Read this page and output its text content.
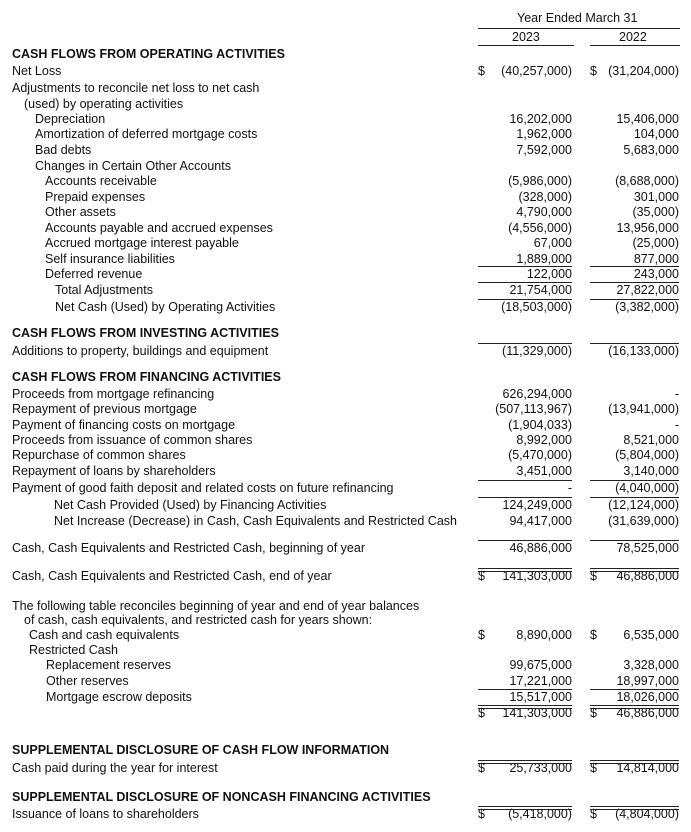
Year Ended March 31
2023	2022
CASH FLOWS FROM OPERATING ACTIVITIES
Net Loss	$ (40,257,000) $ (31,204,000)
Adjustments to reconcile net loss to net cash
(used) by operating activities
Depreciation	16,202,000	15,406,000
Amortization of deferred mortgage costs	1,962,000	104,000
Bad debts	7,592,000	5,683,000
Changes in Certain Other Accounts
Accounts receivable	(5,986,000)	(8,688,000)
Prepaid expenses	(328,000)	301,000
Other assets	4,790,000	(35,000)
Accounts payable and accrued expenses	(4,556,000)	13,956,000
Accrued mortgage interest payable	67,000	(25,000)
Self insurance liabilities	1,889,000	877,000
Deferred revenue	122,000	243,000
Total Adjustments	21,754,000	27,822,000
Net Cash (Used) by Operating Activities	(18,503,000)	(3,382,000)
CASH FLOWS FROM INVESTING ACTIVITIES
Additions to property, buildings and equipment	(11,329,000)	(16,133,000)
CASH FLOWS FROM FINANCING ACTIVITIES
Proceeds from mortgage refinancing	626,294,000	-
Repayment of previous mortgage	(507,113,967)	(13,941,000)
Payment of financing costs on mortgage	(1,904,033)	-
Proceeds from issuance of common shares	8,992,000	8,521,000
Repurchase of common shares	(5,470,000)	(5,804,000)
Repayment of loans by shareholders	3,451,000	3,140,000
Payment of good faith deposit and related costs on future refinancing	-	(4,040,000)
Net Cash Provided (Used) by Financing Activities	124,249,000	(12,124,000)
Net Increase (Decrease) in Cash, Cash Equivalents and Restricted Cash	94,417,000	(31,639,000)
Cash, Cash Equivalents and Restricted Cash, beginning of year	46,886,000	78,525,000
Cash, Cash Equivalents and Restricted Cash, end of year	$ 141,303,000 $ 46,886,000
The following table reconciles beginning of year and end of year balances
of cash, cash equivalents, and restricted cash for years shown:
Cash and cash equivalents	$	8,890,000 $ 6,535,000
Restricted Cash
Replacement reserves	99,675,000	3,328,000
Other reserves	17,221,000	18,997,000
Mortgage escrow deposits	15,517,000	18,026,000
$ 141,303,000 $ 46,886,000
SUPPLEMENTAL DISCLOSURE OF CASH FLOW INFORMATION
Cash paid during the year for interest	$ 25,733,000 $ 14,814,000
SUPPLEMENTAL DISCLOSURE OF NONCASH FINANCING ACTIVITIES
Issuance of loans to shareholders	$ (5,418,000) $ (4,804,000)
